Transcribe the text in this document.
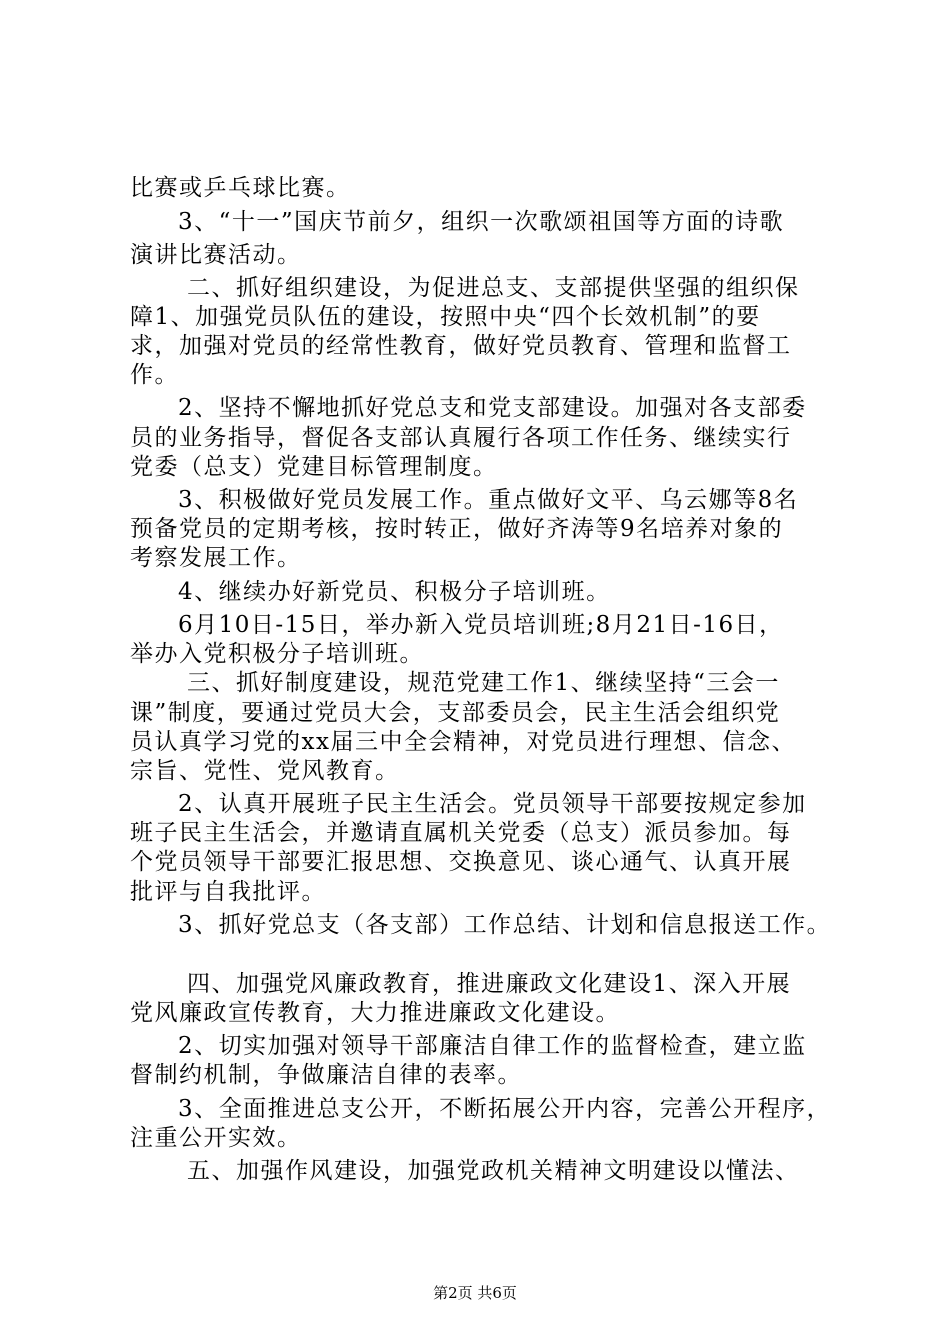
比赛或乒乓球比赛。
3、“十一”国庆节前夕，组织一次歌颂祖国等方面的诗歌
演讲比赛活动。
二、抓好组织建设，为促进总支、支部提供坚强的组织保
障1、加强党员队伍的建设，按照中央“四个长效机制”的要
求，加强对党员的经常性教育，做好党员教育、管理和监督工
作。
2、坚持不懈地抓好党总支和党支部建设。加强对各支部委
员的业务指导，督促各支部认真履行各项工作任务、继续实行
党委（总支）党建目标管理制度。
3、积极做好党员发展工作。重点做好文平、乌云娜等8名
预备党员的定期考核，按时转正，做好齐涛等9名培养对象的
考察发展工作。
4、继续办好新党员、积极分子培训班。
6月10日-15日，举办新入党员培训班;8月21日-16日，
举办入党积极分子培训班。
三、抓好制度建设，规范党建工作1、继续坚持“三会一
课”制度，要通过党员大会，支部委员会，民主生活会组织党
员认真学习党的xx届三中全会精神，对党员进行理想、信念、
宗旨、党性、党风教育。
2、认真开展班子民主生活会。党员领导干部要按规定参加
班子民主生活会，并邀请直属机关党委（总支）派员参加。每
个党员领导干部要汇报思想、交换意见、谈心通气、认真开展
批评与自我批评。
3、抓好党总支（各支部）工作总结、计划和信息报送工作。
四、加强党风廉政教育，推进廉政文化建设1、深入开展
党风廉政宣传教育，大力推进廉政文化建设。
2、切实加强对领导干部廉洁自律工作的监督检查，建立监
督制约机制，争做廉洁自律的表率。
3、全面推进总支公开，不断拓展公开内容，完善公开程序，
注重公开实效。
五、加强作风建设，加强党政机关精神文明建设以懂法、
第2页 共6页
